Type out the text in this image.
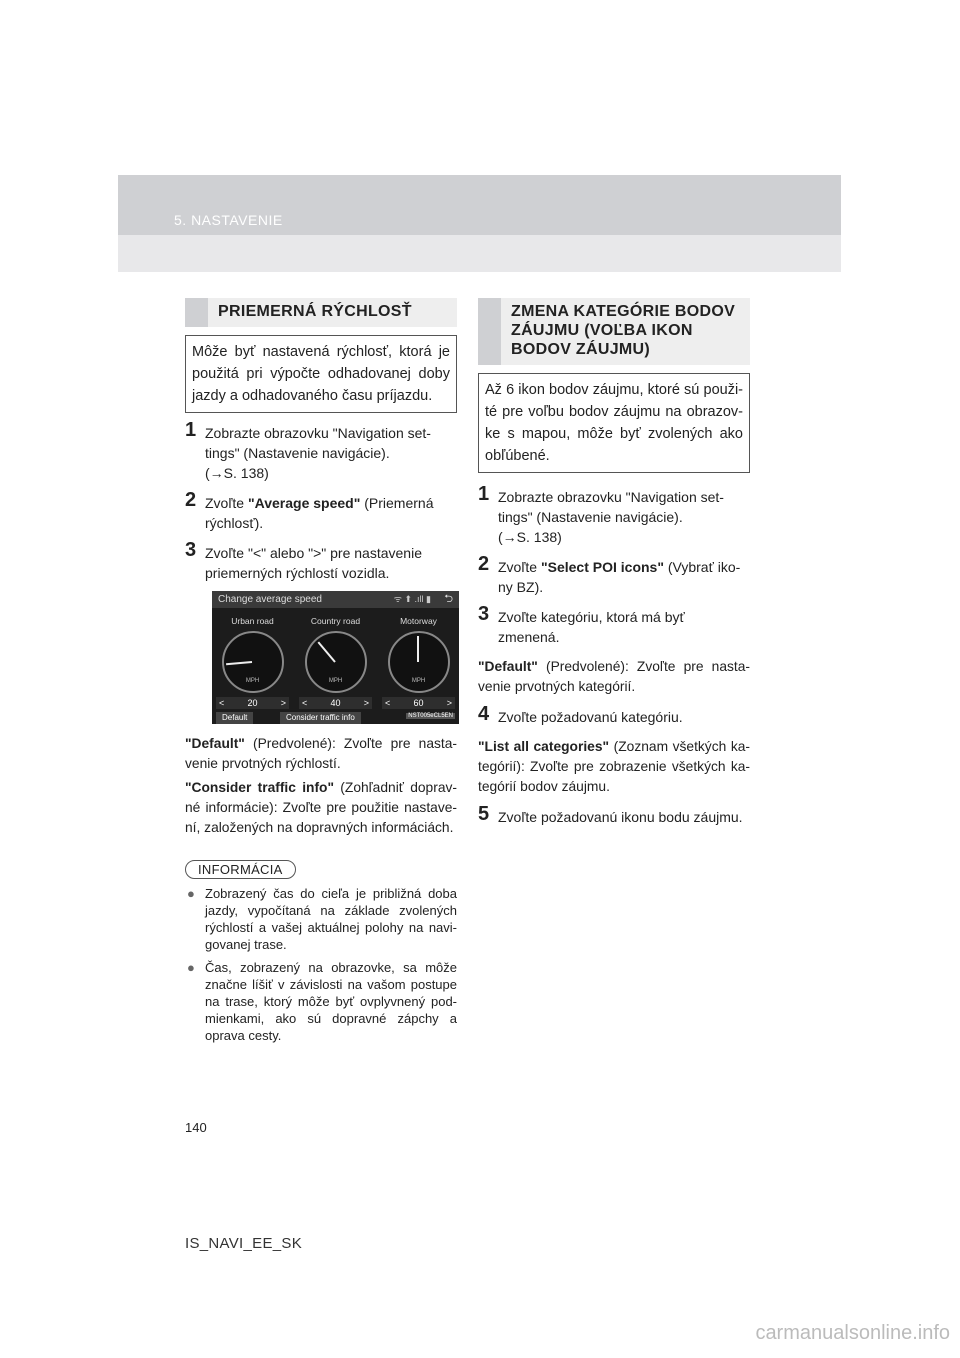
5. NASTAVENIE
PRIEMERNÁ RÝCHLOSŤ
Môže byť nastavená rýchlosť, ktorá je použitá pri výpočte odhadovanej doby jazdy a odhadovaného času príjazdu.
1 Zobrazte obrazovku "Navigation set-tings" (Nastavenie navigácie).
(→S. 138)
2 Zvoľte "Average speed" (Priemerná rýchlosť).
3 Zvoľte "<" alebo ">" pre nastavenie priemerných rýchlostí vozidla.
Change average speed	ᯤ ⬆ .ıll ▮ ⮌
Urban road
MPH
Country road
MPH
Motorway
MPH
<	20	> <	40	> <	60	>
Default	Consider traffic info	NST005eCL5EN
"Default" (Predvolené): Zvoľte pre nasta-venie prvotných rýchlostí.
"Consider traffic info" (Zohľadniť doprav-né informácie): Zvoľte pre použitie nastave-ní, založených na dopravných informáciách.
INFORMÁCIA
● Zobrazený čas do cieľa je približná doba jazdy, vypočítaná na základe zvolených rýchlostí a vašej aktuálnej polohy na navi-govanej trase.
● Čas, zobrazený na obrazovke, sa môže značne líšiť v závislosti na vašom postupe na trase, ktorý môže byť ovplyvnený pod-mienkami, ako sú dopravné zápchy a oprava cesty.
ZMENA KATEGÓRIE BODOV ZÁUJMU (VOĽBA IKON BODOV ZÁUJMU)
Až 6 ikon bodov záujmu, ktoré sú použi-té pre voľbu bodov záujmu na obrazov-ke s mapou, môže byť zvolených ako obľúbené.
1 Zobrazte obrazovku "Navigation set-tings" (Nastavenie navigácie).
(→S. 138)
2 Zvoľte "Select POI icons" (Vybrať iko-ny BZ).
3 Zvoľte kategóriu, ktorá má byť zmenená.
"Default" (Predvolené): Zvoľte pre nasta-venie prvotných kategórií.
4 Zvoľte požadovanú kategóriu.
"List all categories" (Zoznam všetkých ka-tegórií): Zvoľte pre zobrazenie všetkých ka-tegórií bodov záujmu.
5 Zvoľte požadovanú ikonu bodu záujmu.
140
IS_NAVI_EE_SK
carmanualsonline.info
